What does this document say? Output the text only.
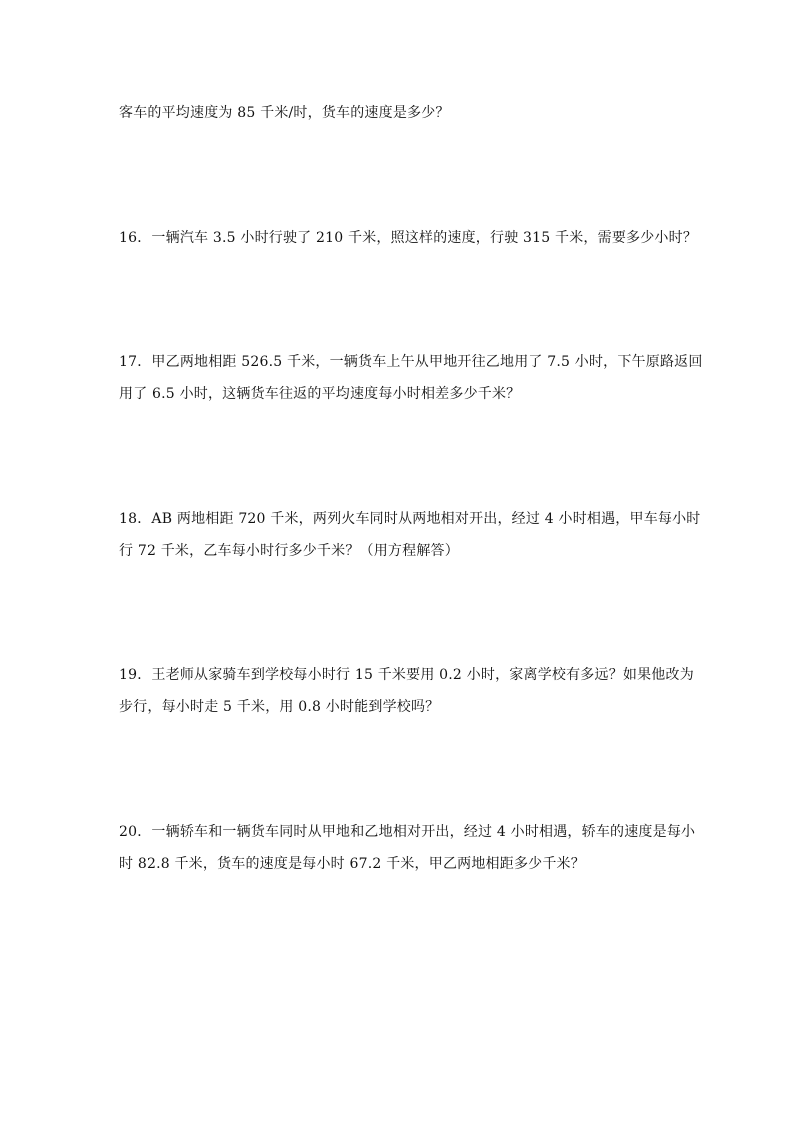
客车的平均速度为 85 千米/时，货车的速度是多少？
16．一辆汽车 3.5 小时行驶了 210 千米，照这样的速度，行驶 315 千米，需要多少小时？
17．甲乙两地相距 526.5 千米，一辆货车上午从甲地开往乙地用了 7.5 小时，下午原路返回
用了 6.5 小时，这辆货车往返的平均速度每小时相差多少千米？
18．AB 两地相距 720 千米，两列火车同时从两地相对开出，经过 4 小时相遇，甲车每小时
行 72 千米，乙车每小时行多少千米？（用方程解答）
19．王老师从家骑车到学校每小时行 15 千米要用 0.2 小时，家离学校有多远？如果他改为
步行，每小时走 5 千米，用 0.8 小时能到学校吗？
20．一辆轿车和一辆货车同时从甲地和乙地相对开出，经过 4 小时相遇，轿车的速度是每小
时 82.8 千米，货车的速度是每小时 67.2 千米，甲乙两地相距多少千米？
